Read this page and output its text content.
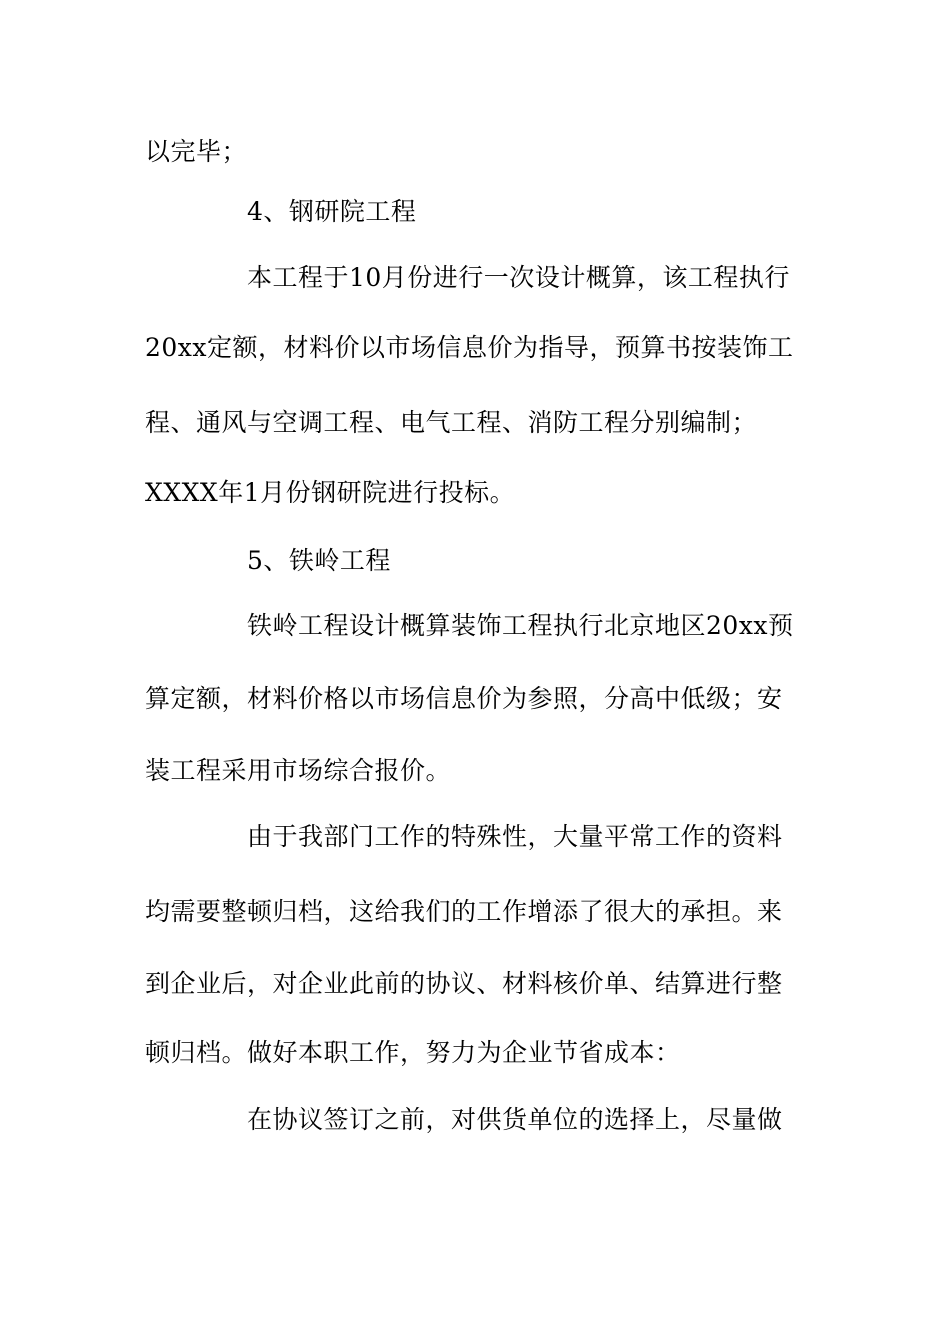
以完毕；
4、钢研院工程
本工程于10月份进行一次设计概算，该工程执行
20xx定额，材料价以市场信息价为指导，预算书按装饰工
程、通风与空调工程、电气工程、消防工程分别编制；
XXXX年1月份钢研院进行投标。
5、铁岭工程
铁岭工程设计概算装饰工程执行北京地区20xx预
算定额，材料价格以市场信息价为参照，分高中低级；安
装工程采用市场综合报价。
由于我部门工作的特殊性，大量平常工作的资料
均需要整顿归档，这给我们的工作增添了很大的承担。来
到企业后，对企业此前的协议、材料核价单、结算进行整
顿归档。做好本职工作，努力为企业节省成本：
在协议签订之前，对供货单位的选择上，尽量做
